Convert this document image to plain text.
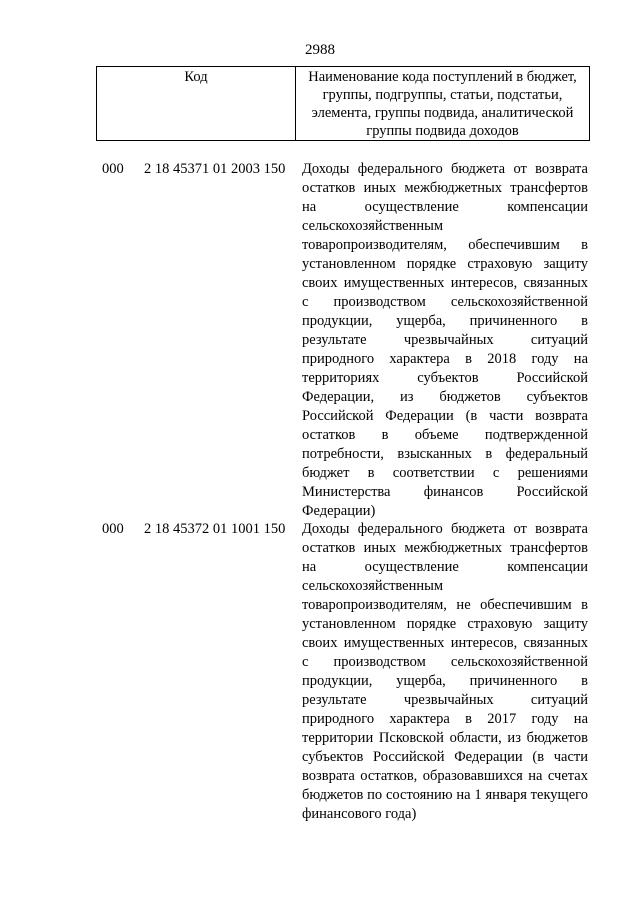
2988
Код	Наименование кода поступлений в бюджет, группы, подгруппы, статьи, подстатьи, элемента, группы подвида, аналитической группы подвида доходов
000 2 18 45371 01 2003 150 Доходы федерального бюджета от возврата остатков иных межбюджетных трансфертов на осуществление компенсации сельскохозяйственным товаропроизводителям, обеспечившим в установленном порядке страховую защиту своих имущественных интересов, связанных с производством сельскохозяйственной продукции, ущерба, причиненного в результате чрезвычайных ситуаций природного характера в 2018 году на территориях субъектов Российской Федерации, из бюджетов субъектов Российской Федерации (в части возврата остатков в объеме подтвержденной потребности, взысканных в федеральный бюджет в соответствии с решениями Министерства финансов Российской Федерации)
000 2 18 45372 01 1001 150 Доходы федерального бюджета от возврата остатков иных межбюджетных трансфертов на осуществление компенсации сельскохозяйственным товаропроизводителям, не обеспечившим в установленном порядке страховую защиту своих имущественных интересов, связанных с производством сельскохозяйственной продукции, ущерба, причиненного в результате чрезвычайных ситуаций природного характера в 2017 году на территории Псковской области, из бюджетов субъектов Российской Федерации (в части возврата остатков, образовавшихся на счетах бюджетов по состоянию на 1 января текущего финансового года)
